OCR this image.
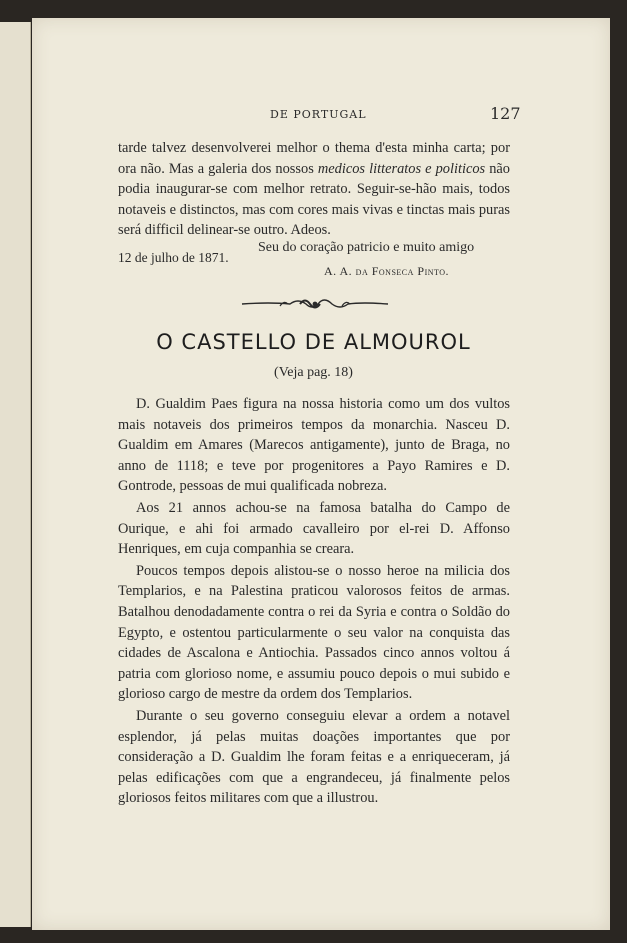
DE PORTUGAL	127

tarde talvez desenvolverei melhor o thema d'esta minha carta; por ora não. Mas a galeria dos nossos medicos litteratos e politicos não podia inaugurar-se com melhor retrato. Seguir-se-hão mais, todos notaveis e distinctos, mas com cores mais vivas e tinctas mais puras será difficil delinear-se outro. Adeos.

Seu do coração patricio e muito amigo
12 de julho de 1871.
A. A. da Fonseca Pinto.
O CASTELLO DE ALMOUROL
(Veja pag. 18)

D. Gualdim Paes figura na nossa historia como um dos vultos mais notaveis dos primeiros tempos da monarchia. Nasceu D. Gualdim em Amares (Marecos antigamente), junto de Braga, no anno de 1118; e teve por progenitores a Payo Ramires e D. Gontrode, pessoas de mui qualificada nobreza.

Aos 21 annos achou-se na famosa batalha do Campo de Ourique, e ahi foi armado cavalleiro por el-rei D. Affonso Henriques, em cuja companhia se creara.

Poucos tempos depois alistou-se o nosso heroe na milicia dos Templarios, e na Palestina praticou valorosos feitos de armas. Batalhou denodadamente contra o rei da Syria e contra o Soldão do Egypto, e ostentou particularmente o seu valor na conquista das cidades de Ascalona e Antiochia. Passados cinco annos voltou á patria com glorioso nome, e assumiu pouco depois o mui subido e glorioso cargo de mestre da ordem dos Templarios.

Durante o seu governo conseguiu elevar a ordem a notavel esplendor, já pelas muitas doações importantes que por consideração a D. Gualdim lhe foram feitas e a enriqueceram, já pelas edificações com que a engrandeceu, já finalmente pelos gloriosos feitos militares com que a illustrou.
